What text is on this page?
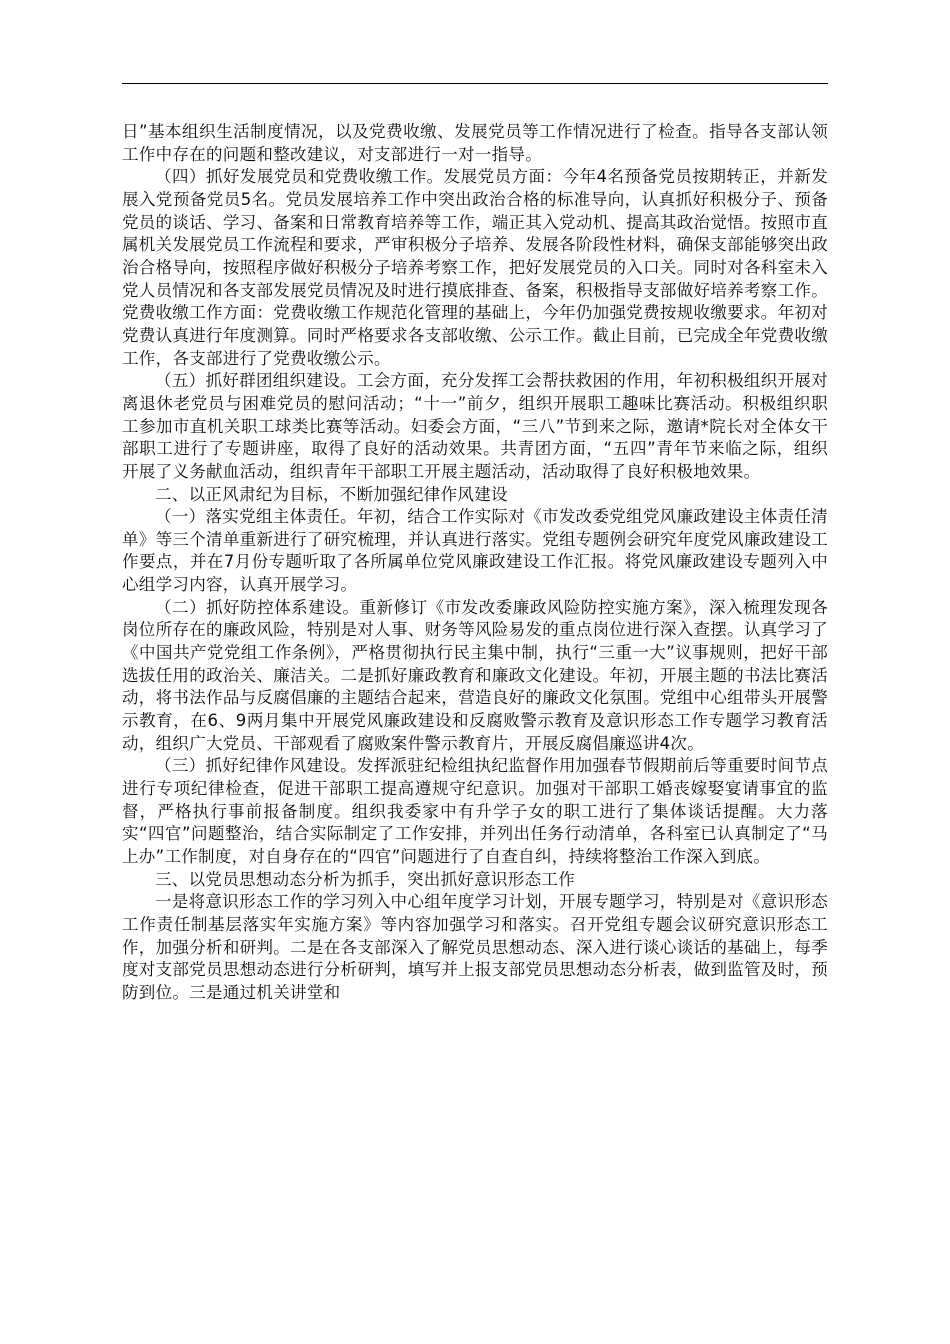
日”基本组织生活制度情况，以及党费收缴、发展党员等工作情况进行了检查。指导各支部认领工作中存在的问题和整改建议，对支部进行一对一指导。

（四）抓好发展党员和党费收缴工作。发展党员方面：今年4名预备党员按期转正，并新发展入党预备党员5名。党员发展培养工作中突出政治合格的标准导向，认真抓好积极分子、预备党员的谈话、学习、备案和日常教育培养等工作，端正其入党动机、提高其政治觉悟。按照市直属机关发展党员工作流程和要求，严审积极分子培养、发展各阶段性材料，确保支部能够突出政治合格导向，按照程序做好积极分子培养考察工作，把好发展党员的入口关。同时对各科室未入党人员情况和各支部发展党员情况及时进行摸底排查、备案，积极指导支部做好培养考察工作。党费收缴工作方面：党费收缴工作规范化管理的基础上，今年仍加强党费按规收缴要求。年初对党费认真进行年度测算。同时严格要求各支部收缴、公示工作。截止目前，已完成全年党费收缴工作，各支部进行了党费收缴公示。

（五）抓好群团组织建设。工会方面，充分发挥工会帮扶救困的作用，年初积极组织开展对离退休老党员与困难党员的慰问活动；“十一”前夕，组织开展职工趣味比赛活动。积极组织职工参加市直机关职工球类比赛等活动。妇委会方面，“三八”节到来之际，邀请*院长对全体女干部职工进行了专题讲座，取得了良好的活动效果。共青团方面，“五四”青年节来临之际，组织开展了义务献血活动，组织青年干部职工开展主题活动，活动取得了良好积极地效果。

二、以正风肃纪为目标，不断加强纪律作风建设

（一）落实党组主体责任。年初，结合工作实际对《市发改委党组党风廉政建设主体责任清单》等三个清单重新进行了研究梳理，并认真进行落实。党组专题例会研究年度党风廉政建设工作要点，并在7月份专题听取了各所属单位党风廉政建设工作汇报。将党风廉政建设专题列入中心组学习内容，认真开展学习。

（二）抓好防控体系建设。重新修订《市发改委廉政风险防控实施方案》，深入梳理发现各岗位所存在的廉政风险，特别是对人事、财务等风险易发的重点岗位进行深入查摆。认真学习了《中国共产党党组工作条例》，严格贯彻执行民主集中制，执行“三重一大”议事规则，把好干部选拔任用的政治关、廉洁关。二是抓好廉政教育和廉政文化建设。年初，开展主题的书法比赛活动，将书法作品与反腐倡廉的主题结合起来，营造良好的廉政文化氛围。党组中心组带头开展警示教育，在6、9两月集中开展党风廉政建设和反腐败警示教育及意识形态工作专题学习教育活动，组织广大党员、干部观看了腐败案件警示教育片，开展反腐倡廉巡讲4次。

（三）抓好纪律作风建设。发挥派驻纪检组执纪监督作用加强春节假期前后等重要时间节点进行专项纪律检查，促进干部职工提高遵规守纪意识。加强对干部职工婚丧嫁娶宴请事宜的监督，严格执行事前报备制度。组织我委家中有升学子女的职工进行了集体谈话提醒。大力落实“四官”问题整治，结合实际制定了工作安排，并列出任务行动清单，各科室已认真制定了“马上办”工作制度，对自身存在的“四官”问题进行了自查自纠，持续将整治工作深入到底。

三、以党员思想动态分析为抓手，突出抓好意识形态工作

一是将意识形态工作的学习列入中心组年度学习计划，开展专题学习，特别是对《意识形态工作责任制基层落实年实施方案》等内容加强学习和落实。召开党组专题会议研究意识形态工作，加强分析和研判。二是在各支部深入了解党员思想动态、深入进行谈心谈话的基础上，每季度对支部党员思想动态进行分析研判，填写并上报支部党员思想动态分析表，做到监管及时，预防到位。三是通过机关讲堂和
